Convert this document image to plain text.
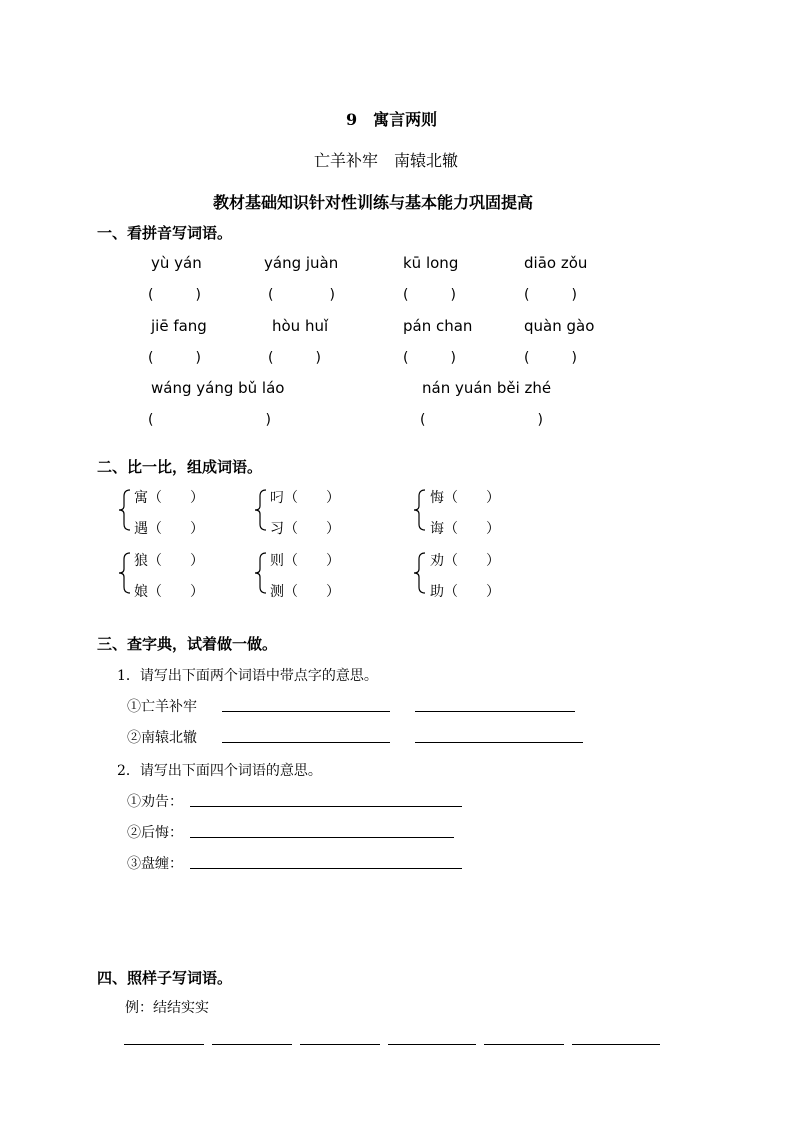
9　寓言两则
亡羊补牢　南辕北辙
教材基础知识针对性训练与基本能力巩固提高
一、看拼音写词语。
yù yán	yáng juàn	kū long	diāo zǒu
(　　　)	(　　　　)	(　　　)	(　　　)
jiē fang	hòu huǐ	pán chan	quàn gào
(　　　)	(　　　)	(　　　)	(　　　)
wáng yáng bǔ láo	nán yuán běi zhé
(　　　　　　　　)	(　　　　　　　　)
二、比一比，组成词语。
寓（　　）
遇（　　）
叼（　　）
习（　　）
悔（　　）
诲（　　）
狼（　　）
娘（　　）
则（　　）
测（　　）
劝（　　）
助（　　）
三、查字典，试着做一做。
1．请写出下面两个词语中带点字的意思。
①亡羊补牢
②南辕北辙
2．请写出下面四个词语的意思。
①劝告：
②后悔：
③盘缠：
四、照样子写词语。
例：结结实实
